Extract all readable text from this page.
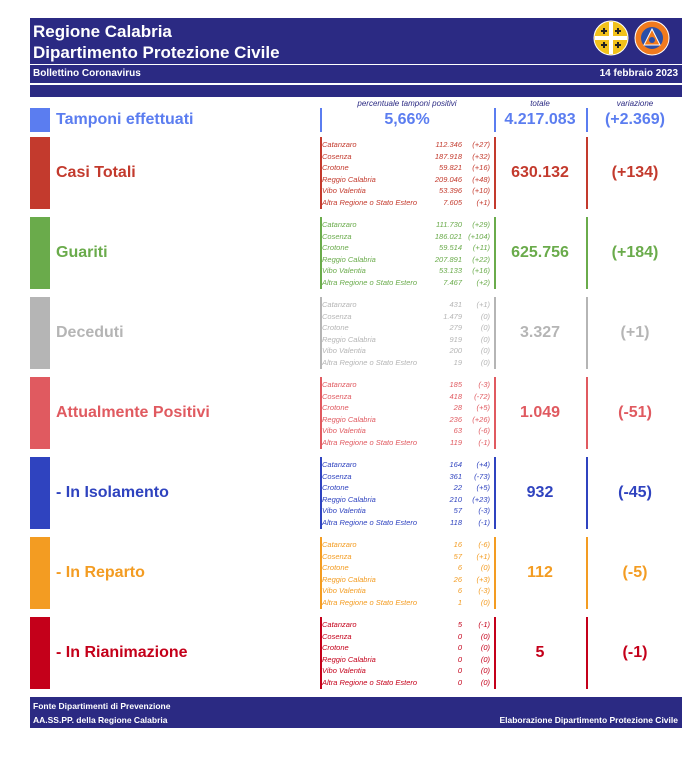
Regione Calabria
Dipartimento Protezione Civile
Bollettino Coronavirus	14 febbraio 2023
percentuale tamponi positivi	totale	variazione
Tamponi effettuati	5,66%	4.217.083	(+2.369)
Casi Totali
Catanzaro	112.346 (+27)
Cosenza	187.918 (+32)
Crotone	59.821 (+16)
Reggio Calabria	209.046 (+48)
Vibo Valentia	53.396 (+10)
Altra Regione o Stato Estero	7.605 (+1)
630.132	(+134)
Guariti
Catanzaro	111.730 (+29)
Cosenza	186.021 (+104)
Crotone	59.514 (+11)
Reggio Calabria	207.891 (+22)
Vibo Valentia	53.133 (+16)
Altra Regione o Stato Estero	7.467 (+2)
625.756	(+184)
Deceduti
Catanzaro	431 (+1)
Cosenza	1.479	(0)
Crotone	279	(0)
Reggio Calabria	919	(0)
Vibo Valentia	200	(0)
Altra Regione o Stato Estero	19	(0)
3.327	(+1)
Attualmente Positivi
Catanzaro	185 (-3)
Cosenza	418 (-72)
Crotone	28 (+5)
Reggio Calabria	236 (+26)
Vibo Valentia	63 (-6)
Altra Regione o Stato Estero	119 (-1)
1.049	(-51)
- In Isolamento
Catanzaro	164 (+4)
Cosenza	361 (-73)
Crotone	22 (+5)
Reggio Calabria	210 (+23)
Vibo Valentia	57 (-3)
Altra Regione o Stato Estero	118 (-1)
932	(-45)
- In Reparto
Catanzaro	16 (-6)
Cosenza	57 (+1)
Crotone	6	(0)
Reggio Calabria	26 (+3)
Vibo Valentia	6 (-3)
Altra Regione o Stato Estero	1	(0)
112	(-5)
- In Rianimazione
Catanzaro	5 (-1)
Cosenza	0	(0)
Crotone	0	(0)
Reggio Calabria	0	(0)
Vibo Valentia	0	(0)
Altra Regione o Stato Estero	0	(0)
5	(-1)
Fonte Dipartimenti di Prevenzione
AA.SS.PP. della Regione Calabria	Elaborazione Dipartimento Protezione Civile
